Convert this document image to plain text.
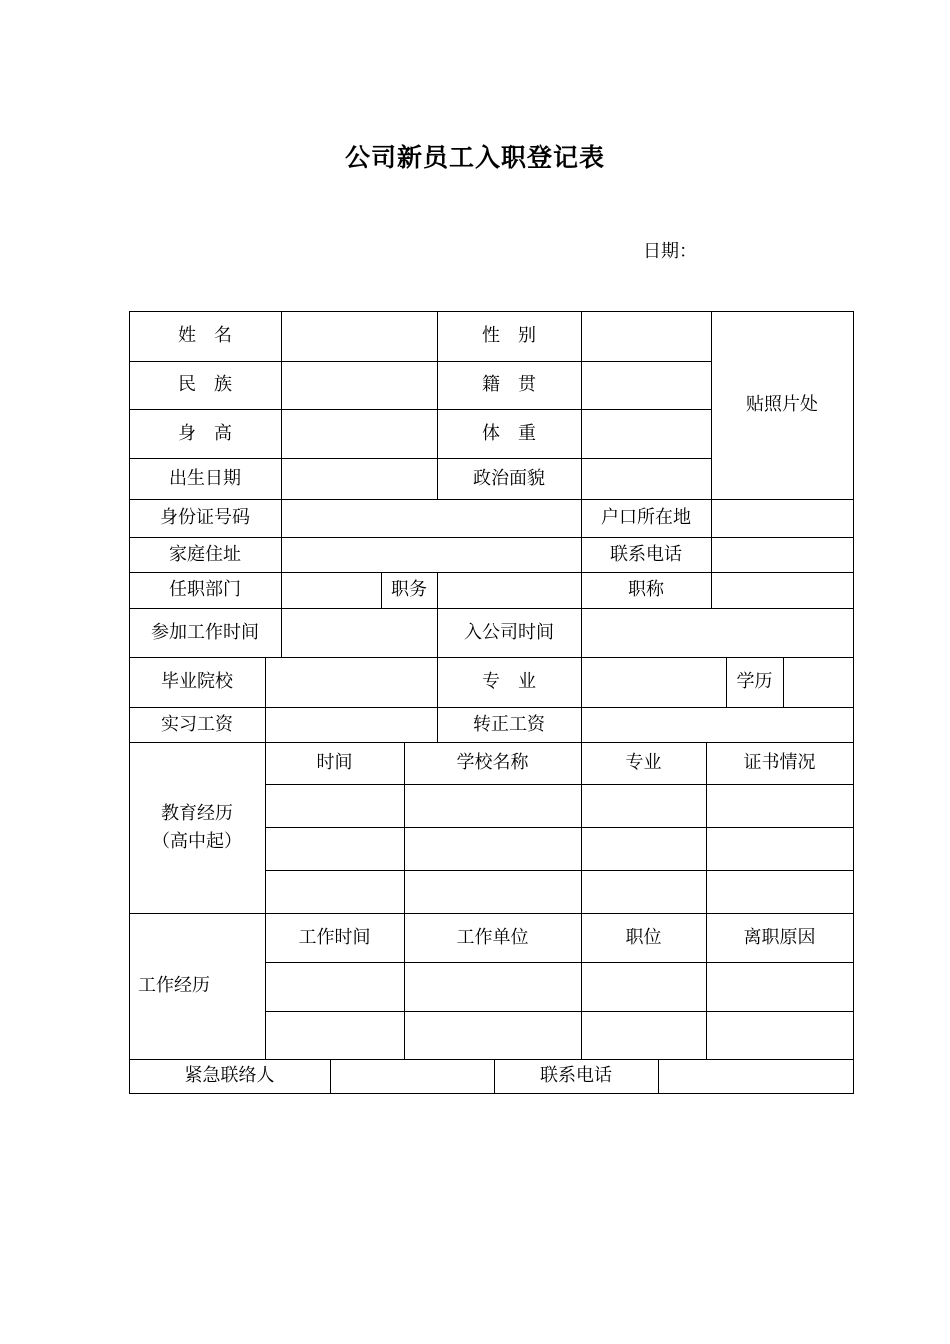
公司新员工入职登记表
日期：
姓　名	性　别
贴照片处
民　族	籍　贯
身　高	体　重
出生日期	政治面貌
身份证号码	户口所在地
家庭住址	联系电话
任职部门	职务	职称
参加工作时间	入公司时间
毕业院校	专　业	学历
实习工资	转正工资
教育经历
（高中起）
时间	学校名称	专业	证书情况
工作经历
工作时间	工作单位	职位	离职原因
紧急联络人	联系电话
